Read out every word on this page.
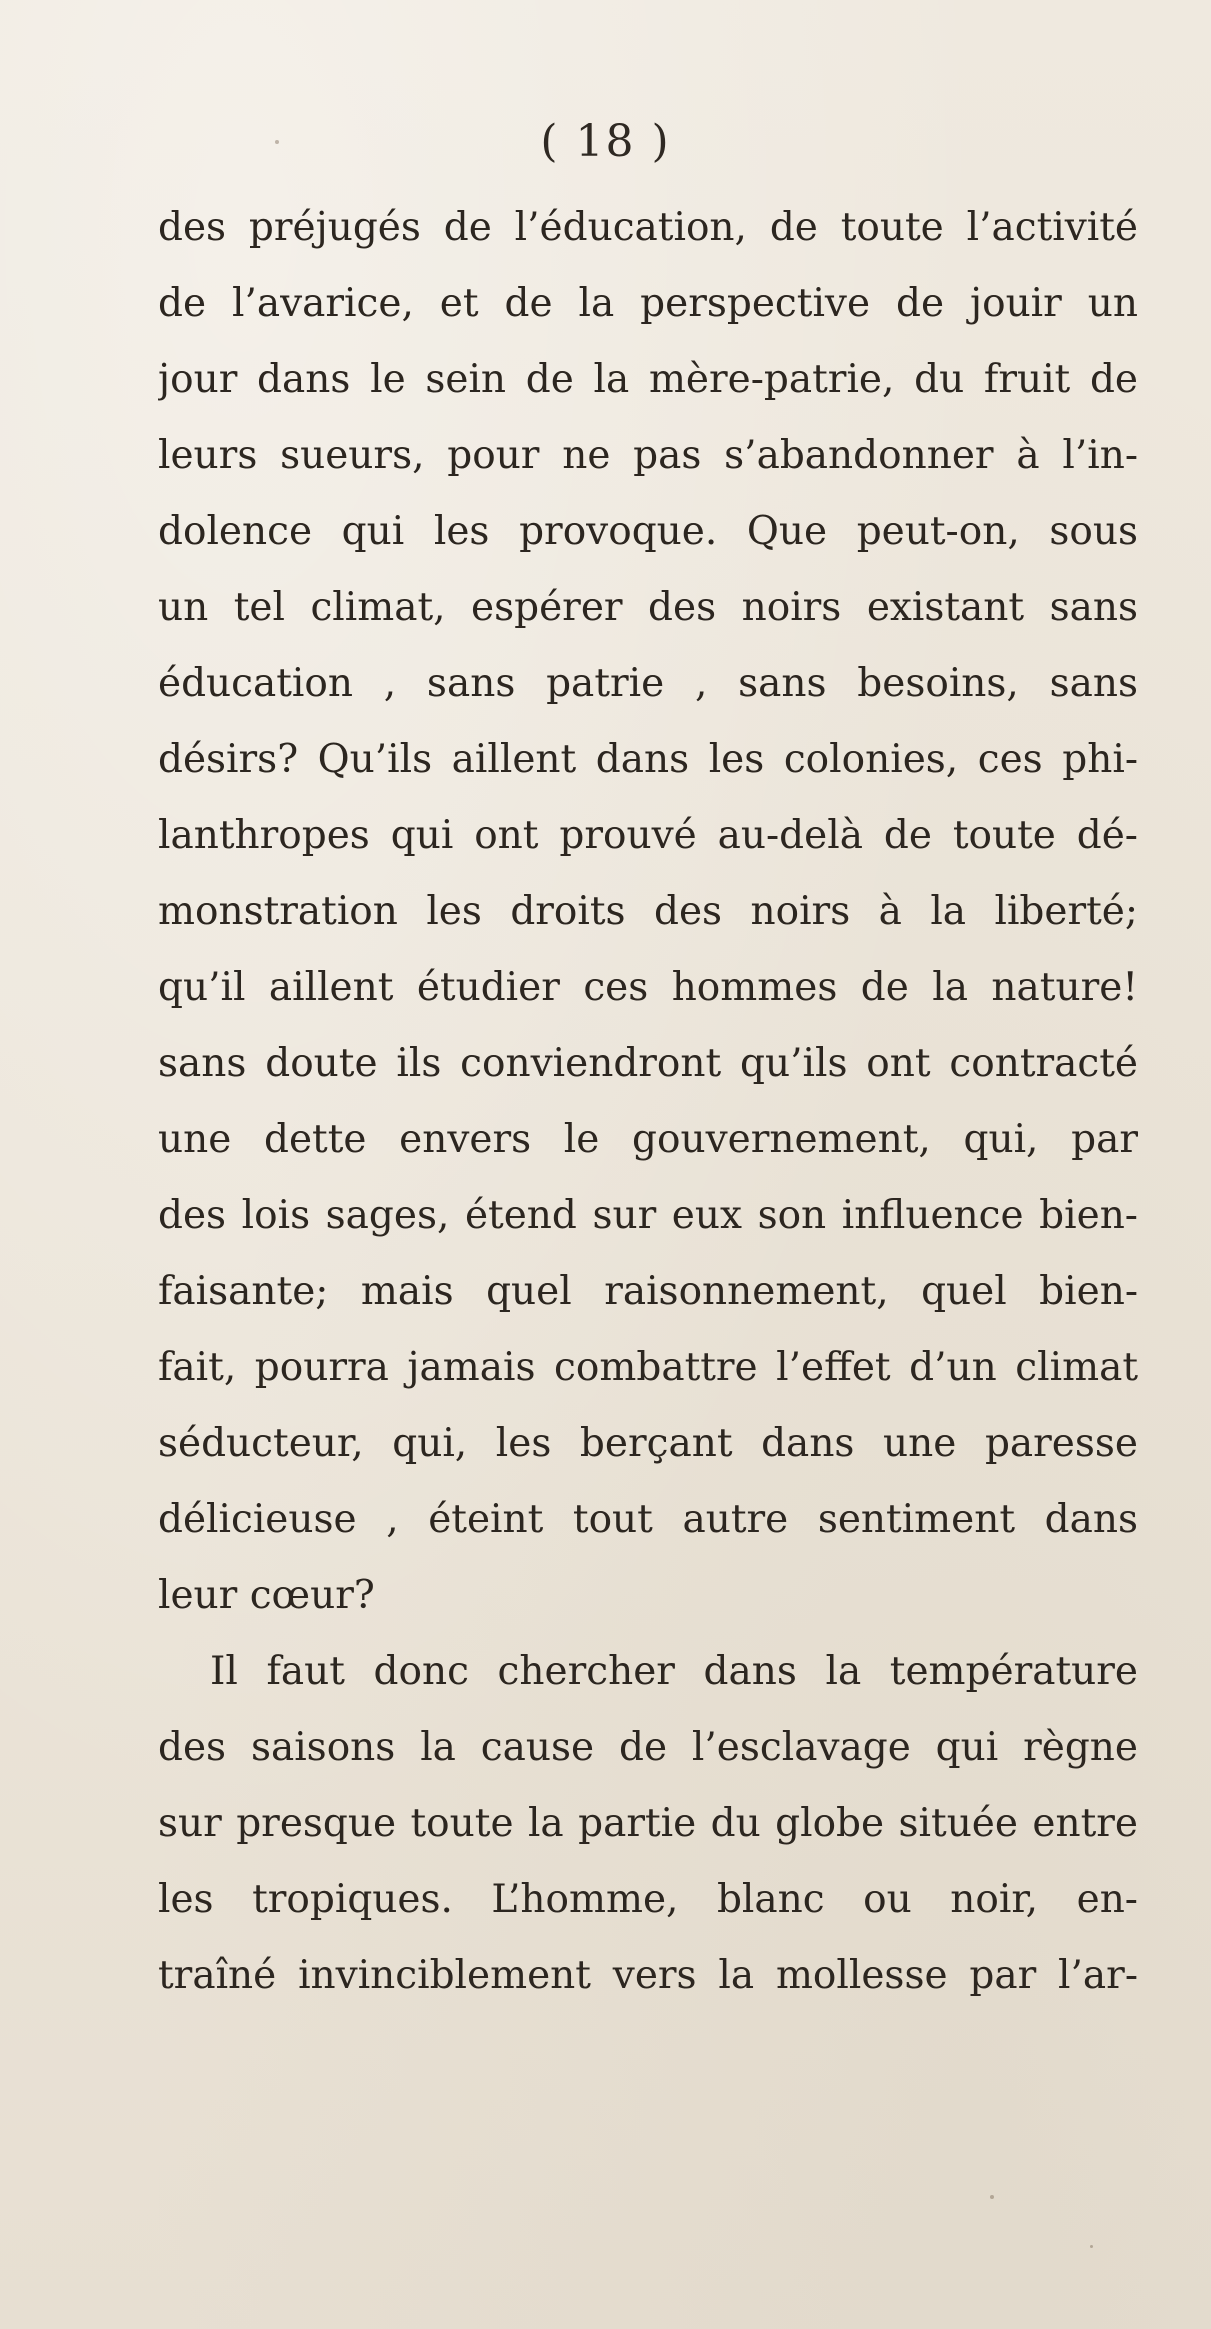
( 18 )
des préjugés de l’éducation, de toute l’activité
de l’avarice, et de la perspective de jouir un
jour dans le sein de la mère-patrie, du fruit de
leurs sueurs, pour ne pas s’abandonner à l’in-
dolence qui les provoque. Que peut-on, sous
un tel climat, espérer des noirs existant sans
éducation , sans patrie , sans besoins, sans
désirs? Qu’ils aillent dans les colonies, ces phi-
lanthropes qui ont prouvé au-delà de toute dé-
monstration les droits des noirs à la liberté;
qu’il aillent étudier ces hommes de la nature!
sans doute ils conviendront qu’ils ont contracté
une dette envers le gouvernement, qui, par
des lois sages, étend sur eux son influence bien-
faisante; mais quel raisonnement, quel bien-
fait, pourra jamais combattre l’effet d’un climat
séducteur, qui, les berçant dans une paresse
délicieuse , éteint tout autre sentiment dans
leur cœur?
Il faut donc chercher dans la température
des saisons la cause de l’esclavage qui règne
sur presque toute la partie du globe située entre
les tropiques. L’homme, blanc ou noir, en-
traîné invinciblement vers la mollesse par l’ar-
